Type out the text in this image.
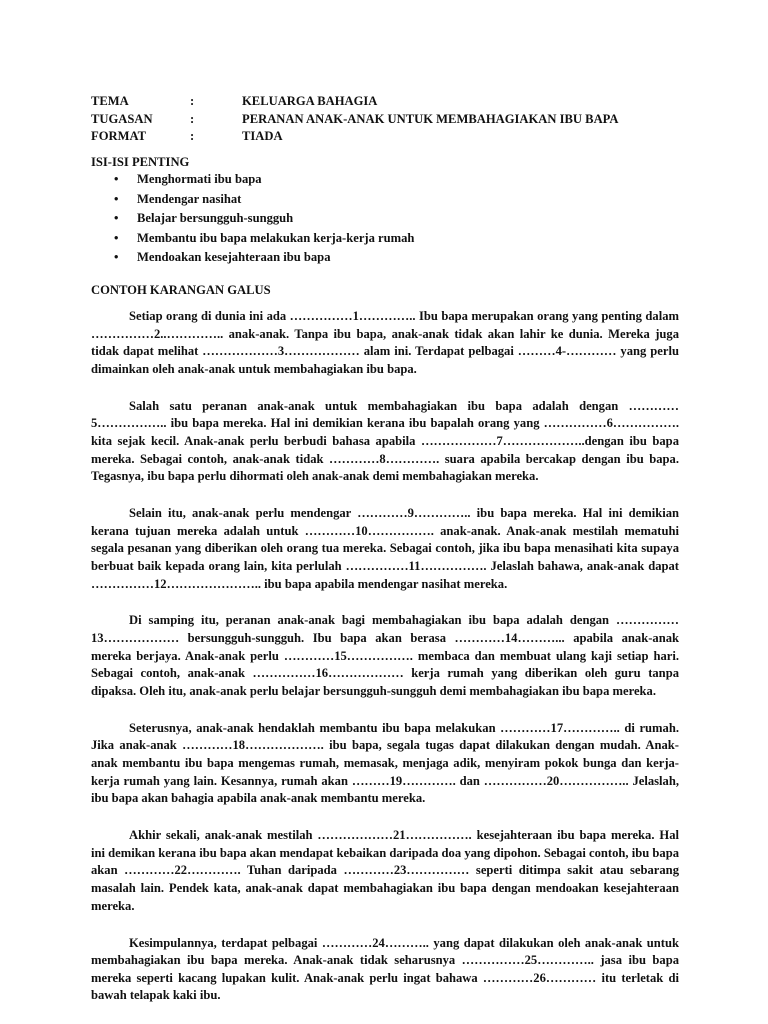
TEMA	:	KELUARGA BAHAGIA
TUGASAN	:	PERANAN ANAK-ANAK UNTUK MEMBAHAGIAKAN IBU BAPA
FORMAT	:	TIADA
ISI-ISI PENTING
• Menghormati ibu bapa
• Mendengar nasihat
• Belajar bersungguh-sungguh
• Membantu ibu bapa melakukan kerja-kerja rumah
• Mendoakan kesejahteraan ibu bapa
CONTOH KARANGAN GALUS

Setiap orang di dunia ini ada ……………1………….. Ibu bapa merupakan orang yang penting dalam ……………2..………….. anak-anak. Tanpa ibu bapa, anak-anak tidak akan lahir ke dunia. Mereka juga tidak dapat melihat ………………3……………… alam ini. Terdapat pelbagai ………4-………… yang perlu dimainkan oleh anak-anak untuk membahagiakan ibu bapa.

Salah satu peranan anak-anak untuk membahagiakan ibu bapa adalah dengan …………5…………….. ibu bapa mereka. Hal ini demikian kerana ibu bapalah orang yang ……………6……………. kita sejak kecil. Anak-anak perlu berbudi bahasa apabila ………………7………………..dengan ibu bapa mereka. Sebagai contoh, anak-anak tidak …………8…………. suara apabila bercakap dengan ibu bapa. Tegasnya, ibu bapa perlu dihormati oleh anak-anak demi membahagiakan mereka.

Selain itu, anak-anak perlu mendengar …………9………….. ibu bapa mereka. Hal ini demikian kerana tujuan mereka adalah untuk …………10……………. anak-anak. Anak-anak mestilah mematuhi segala pesanan yang diberikan oleh orang tua mereka. Sebagai contoh, jika ibu bapa menasihati kita supaya berbuat baik kepada orang lain, kita perlulah ……………11……………. Jelaslah bahawa, anak-anak dapat ……………12………………….. ibu bapa apabila mendengar nasihat mereka.

Di samping itu, peranan anak-anak bagi membahagiakan ibu bapa adalah dengan ……………13……………… bersungguh-sungguh. Ibu bapa akan berasa …………14………... apabila anak-anak mereka berjaya. Anak-anak perlu …………15……………. membaca dan membuat ulang kaji setiap hari. Sebagai contoh, anak-anak ……………16……………… kerja rumah yang diberikan oleh guru tanpa dipaksa. Oleh itu, anak-anak perlu belajar bersungguh-sungguh demi membahagiakan ibu bapa mereka.

Seterusnya, anak-anak hendaklah membantu ibu bapa melakukan …………17………….. di rumah. Jika anak-anak …………18………………. ibu bapa, segala tugas dapat dilakukan dengan mudah. Anak-anak membantu ibu bapa mengemas rumah, memasak, menjaga adik, menyiram pokok bunga dan kerja-kerja rumah yang lain. Kesannya, rumah akan ………19…………. dan ……………20…………….. Jelaslah, ibu bapa akan bahagia apabila anak-anak membantu mereka.

Akhir sekali, anak-anak mestilah ………………21……………. kesejahteraan ibu bapa mereka. Hal ini demikan kerana ibu bapa akan mendapat kebaikan daripada doa yang dipohon. Sebagai contoh, ibu bapa akan …………22…………. Tuhan daripada …………23…………… seperti ditimpa sakit atau sebarang masalah lain. Pendek kata, anak-anak dapat membahagiakan ibu bapa dengan mendoakan kesejahteraan mereka.

Kesimpulannya, terdapat pelbagai …………24……….. yang dapat dilakukan oleh anak-anak untuk membahagiakan ibu bapa mereka. Anak-anak tidak seharusnya ……………25………….. jasa ibu bapa mereka seperti kacang lupakan kulit. Anak-anak perlu ingat bahawa …………26………… itu terletak di bawah telapak kaki ibu.
